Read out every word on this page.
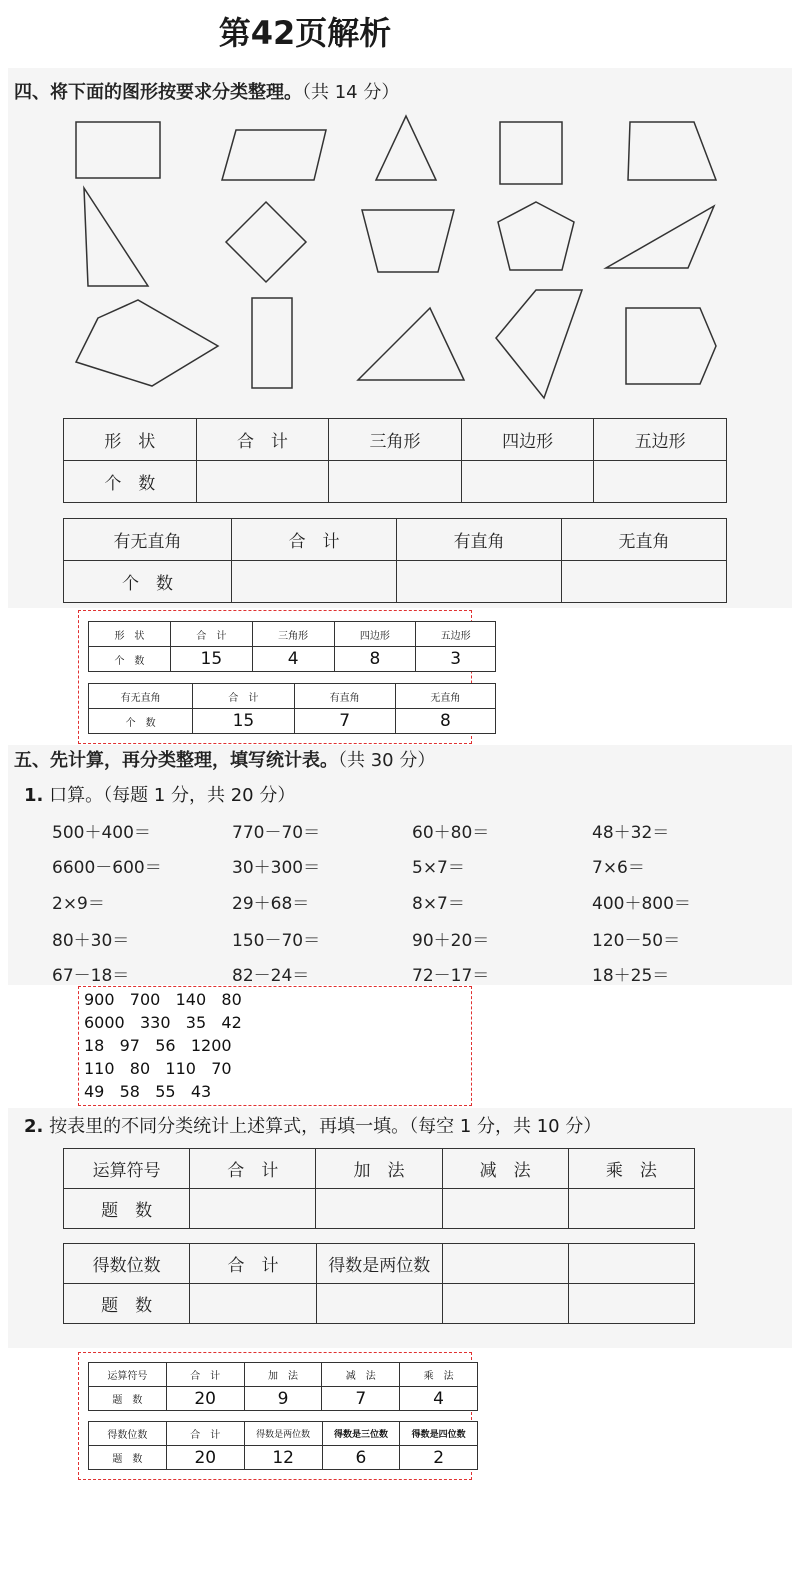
第42页解析
四、将下面的图形按要求分类整理。（共 14 分）
形　状	合　计	三角形	四边形	五边形
个　数				
有无直角	合　计	有直角	无直角
个　数			
形　状	合　计	三角形	四边形	五边形
个　数	15	4	8	3
有无直角	合　计	有直角	无直角
个　数	15	7	8
五、先计算，再分类整理，填写统计表。（共 30 分）
1. 口算。（每题 1 分，共 20 分）
500＋400＝	770－70＝	60＋80＝	48＋32＝
6600－600＝	30＋300＝	5×7＝	7×6＝
2×9＝	29＋68＝	8×7＝	400＋800＝
80＋30＝	150－70＝	90＋20＝	120－50＝
67－18＝	82－24＝	72－17＝	18＋25＝
900   700   140   80
6000   330   35   42
18   97   56   1200
110   80   110   70
49   58   55   43
2. 按表里的不同分类统计上述算式，再填一填。（每空 1 分，共 10 分）
运算符号	合　计	加　法	减　法	乘　法
题　数				
得数位数	合　计	得数是两位数		
题　数				
运算符号	合　计	加　法	减　法	乘　法
题　数	20	9	7	4
得数位数	合　计	得数是两位数	得数是三位数	得数是四位数
题　数	20	12	6	2
